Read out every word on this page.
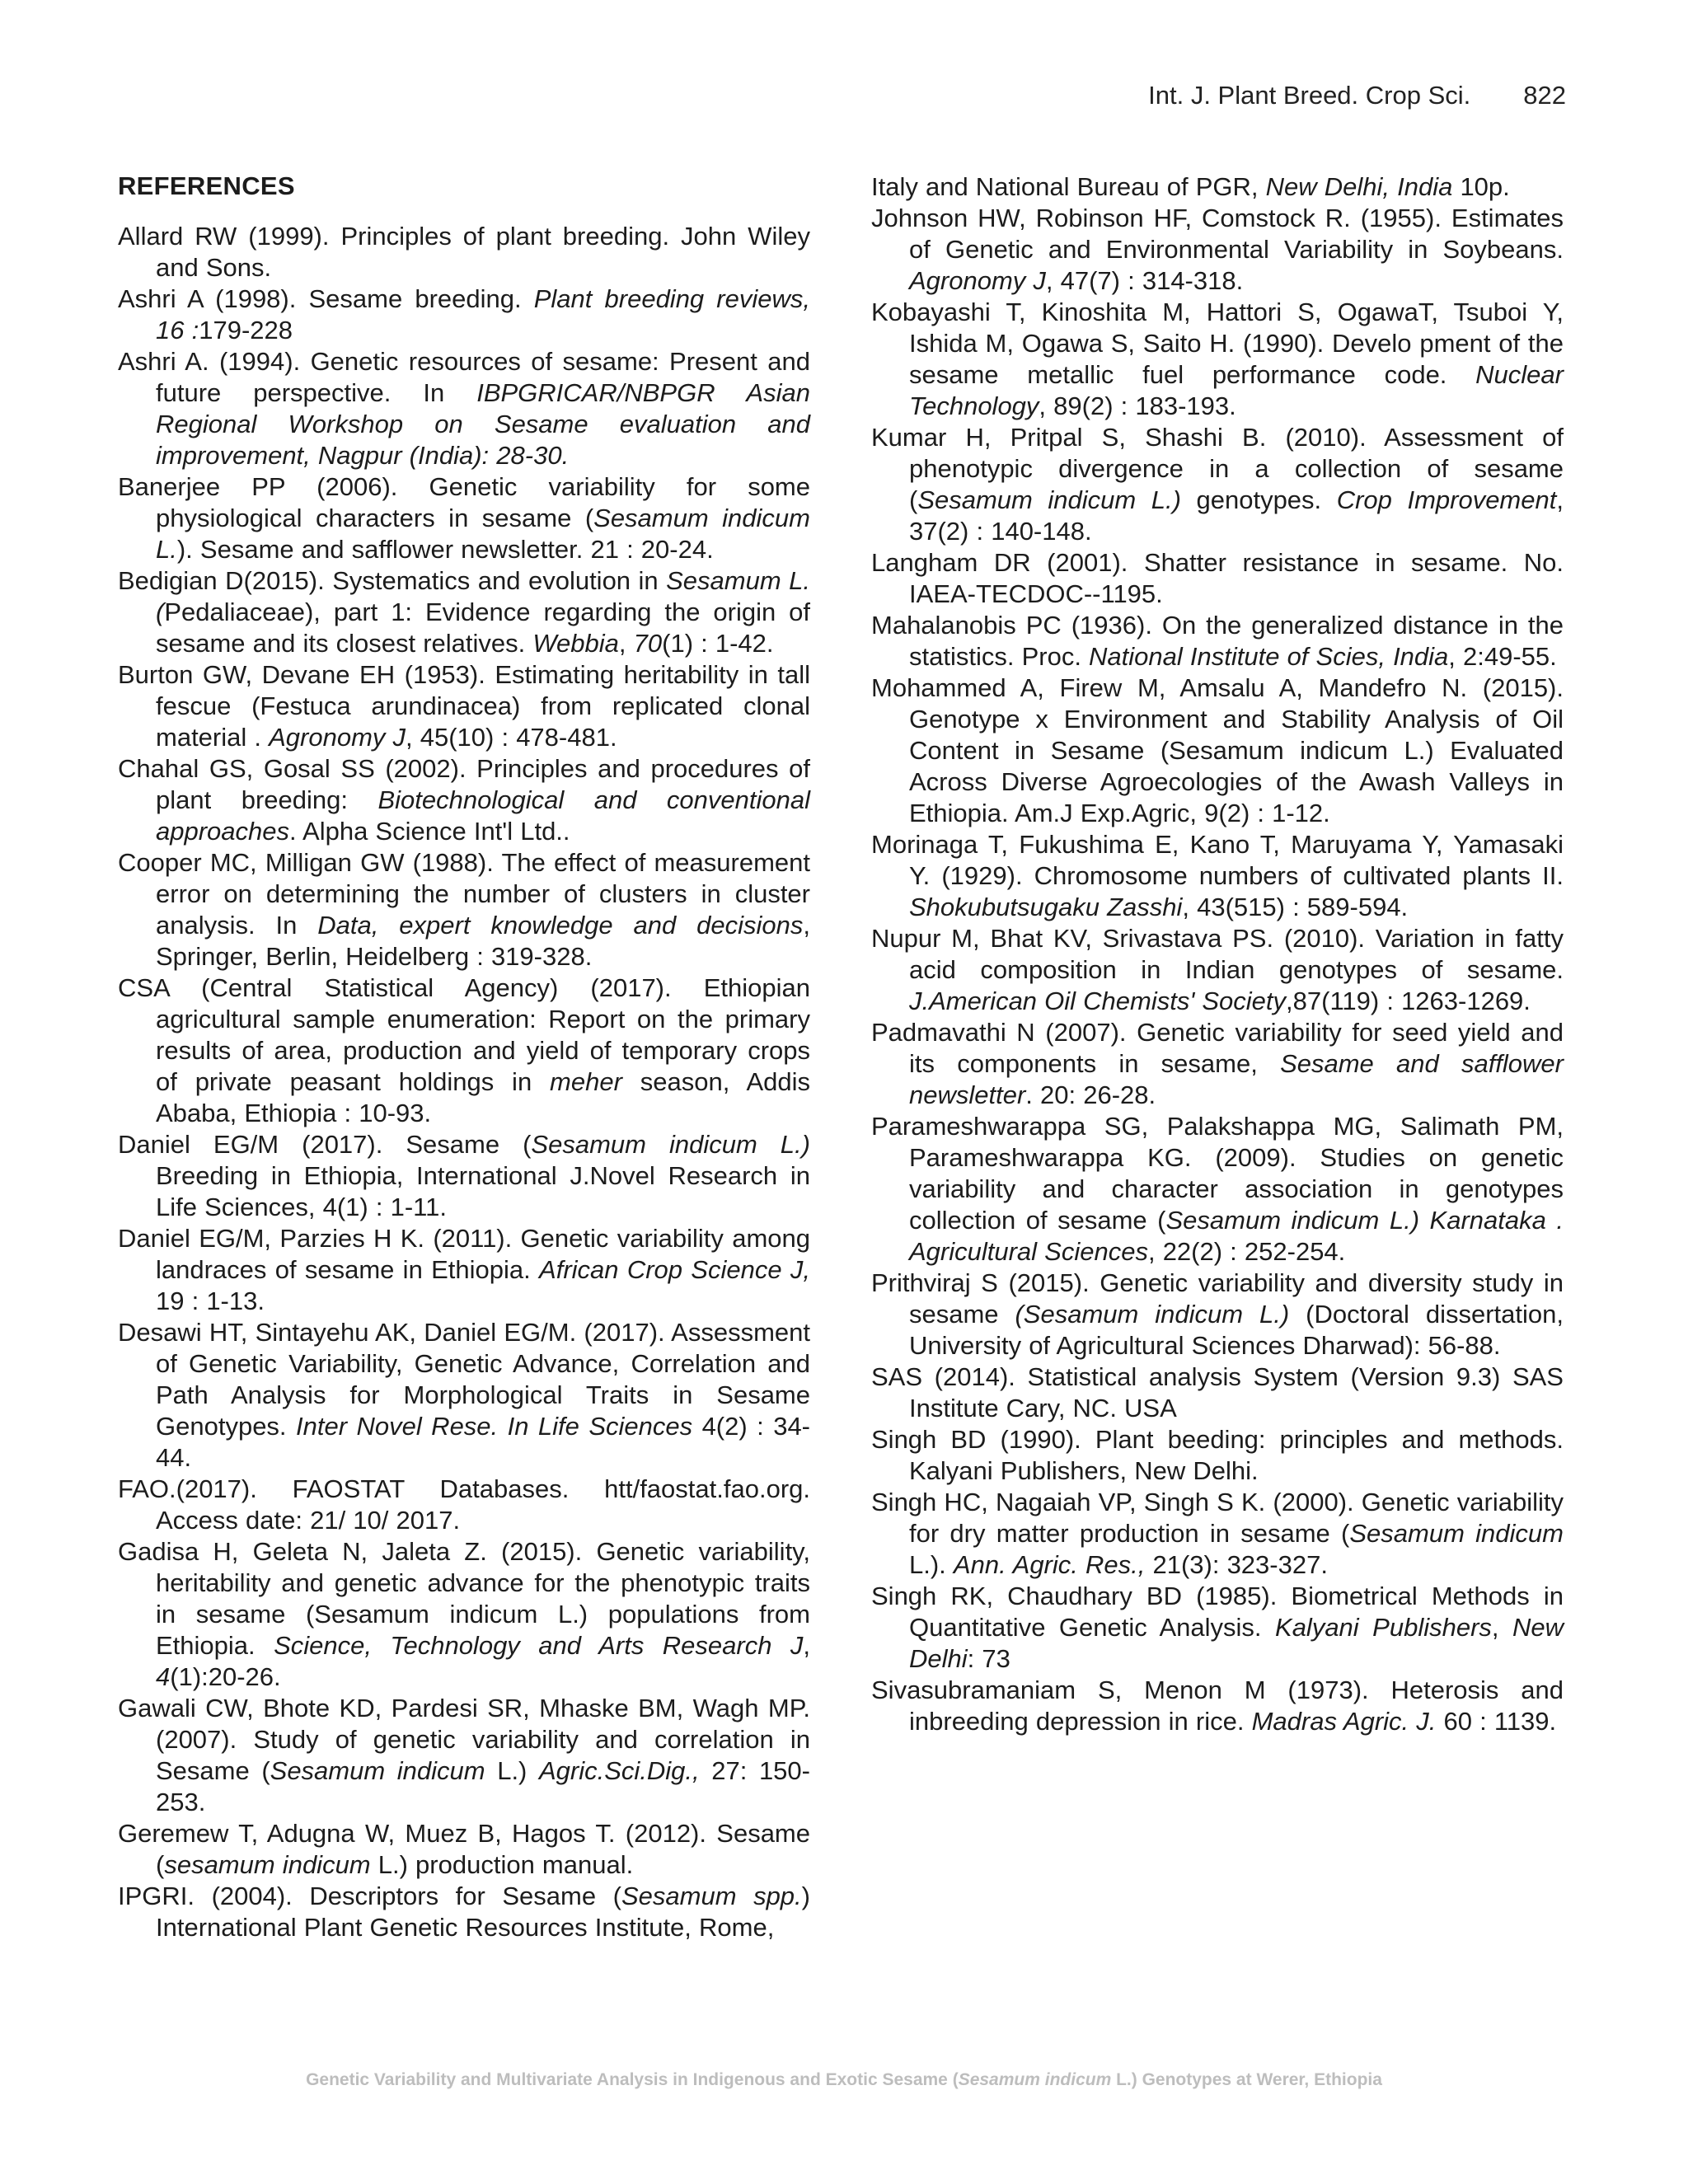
Int. J. Plant Breed. Crop Sci. 822
REFERENCES

Allard RW (1999). Principles of plant breeding. John Wiley and Sons.

Ashri A (1998). Sesame breeding. Plant breeding reviews, 16 :179-228

Ashri A. (1994). Genetic resources of sesame: Present and future perspective. In IBPGRICAR/NBPGR Asian Regional Workshop on Sesame evaluation and improvement, Nagpur (India): 28-30.

Banerjee PP (2006). Genetic variability for some physiological characters in sesame (Sesamum indicum L.). Sesame and safflower newsletter. 21 : 20-24.

Bedigian D(2015). Systematics and evolution in Sesamum L. (Pedaliaceae), part 1: Evidence regarding the origin of sesame and its closest relatives. Webbia, 70(1) : 1-42.

Burton GW, Devane EH (1953). Estimating heritability in tall fescue (Festuca arundinacea) from replicated clonal material . Agronomy J, 45(10) : 478-481.

Chahal GS, Gosal SS (2002). Principles and procedures of plant breeding: Biotechnological and conventional approaches. Alpha Science Int'l Ltd..

Cooper MC, Milligan GW (1988). The effect of measurement error on determining the number of clusters in cluster analysis. In Data, expert knowledge and decisions, Springer, Berlin, Heidelberg : 319-328.

CSA (Central Statistical Agency) (2017). Ethiopian agricultural sample enumeration: Report on the primary results of area, production and yield of temporary crops of private peasant holdings in meher season, Addis Ababa, Ethiopia : 10-93.

Daniel EG/M (2017). Sesame (Sesamum indicum L.) Breeding in Ethiopia, International J.Novel Research in Life Sciences, 4(1) : 1-11.

Daniel EG/M, Parzies H K. (2011). Genetic variability among landraces of sesame in Ethiopia. African Crop Science J, 19 : 1-13.

Desawi HT, Sintayehu AK, Daniel EG/M. (2017). Assessment of Genetic Variability, Genetic Advance, Correlation and Path Analysis for Morphological Traits in Sesame Genotypes. Inter Novel Rese. In Life Sciences 4(2) : 34-44.

FAO.(2017). FAOSTAT Databases. htt/faostat.fao.org. Access date: 21/ 10/ 2017.

Gadisa H, Geleta N, Jaleta Z. (2015). Genetic variability, heritability and genetic advance for the phenotypic traits in sesame (Sesamum indicum L.) populations from Ethiopia. Science, Technology and Arts Research J, 4(1):20-26.

Gawali CW, Bhote KD, Pardesi SR, Mhaske BM, Wagh MP. (2007). Study of genetic variability and correlation in Sesame (Sesamum indicum L.) Agric.Sci.Dig., 27: 150-253.

Geremew T, Adugna W, Muez B, Hagos T. (2012). Sesame (sesamum indicum L.) production manual.

IPGRI. (2004). Descriptors for Sesame (Sesamum spp.) International Plant Genetic Resources Institute, Rome,

Italy and National Bureau of PGR, New Delhi, India 10p.

Johnson HW, Robinson HF, Comstock R. (1955). Estimates of Genetic and Environmental Variability in Soybeans. Agronomy J, 47(7) : 314-318.

Kobayashi T, Kinoshita M, Hattori S, OgawaT, Tsuboi Y, Ishida M, Ogawa S, Saito H. (1990). Develo pment of the sesame metallic fuel performance code. Nuclear Technology, 89(2) : 183-193.

Kumar H, Pritpal S, Shashi B. (2010). Assessment of phenotypic divergence in a collection of sesame (Sesamum indicum L.) genotypes. Crop Improvement, 37(2) : 140-148.

Langham DR (2001). Shatter resistance in sesame. No. IAEA-TECDOC--1195.

Mahalanobis PC (1936). On the generalized distance in the statistics. Proc. National Institute of Scies, India, 2:49-55.

Mohammed A, Firew M, Amsalu A, Mandefro N. (2015). Genotype x Environment and Stability Analysis of Oil Content in Sesame (Sesamum indicum L.) Evaluated Across Diverse Agroecologies of the Awash Valleys in Ethiopia. Am.J Exp.Agric, 9(2) : 1-12.

Morinaga T, Fukushima E, Kano T, Maruyama Y, Yamasaki Y. (1929). Chromosome numbers of cultivated plants II. Shokubutsugaku Zasshi, 43(515) : 589-594.

Nupur M, Bhat KV, Srivastava PS. (2010). Variation in fatty acid composition in Indian genotypes of sesame. J.American Oil Chemists' Society,87(119) : 1263-1269.

Padmavathi N (2007). Genetic variability for seed yield and its components in sesame, Sesame and safflower newsletter. 20: 26-28.

Parameshwarappa SG, Palakshappa MG, Salimath PM, Parameshwarappa KG. (2009). Studies on genetic variability and character association in genotypes collection of sesame (Sesamum indicum L.) Karnataka . Agricultural Sciences, 22(2) : 252-254.

Prithviraj S (2015). Genetic variability and diversity study in sesame (Sesamum indicum L.) (Doctoral dissertation, University of Agricultural Sciences Dharwad): 56-88.

SAS (2014). Statistical analysis System (Version 9.3) SAS Institute Cary, NC. USA

Singh BD (1990). Plant beeding: principles and methods. Kalyani Publishers, New Delhi.

Singh HC, Nagaiah VP, Singh S K. (2000). Genetic variability for dry matter production in sesame (Sesamum indicum L.). Ann. Agric. Res., 21(3): 323-327.

Singh RK, Chaudhary BD (1985). Biometrical Methods in Quantitative Genetic Analysis. Kalyani Publishers, New Delhi: 73

Sivasubramaniam S, Menon M (1973). Heterosis and inbreeding depression in rice. Madras Agric. J. 60 : 1139.

Genetic Variability and Multivariate Analysis in Indigenous and Exotic Sesame (Sesamum indicum L.) Genotypes at Werer, Ethiopia
